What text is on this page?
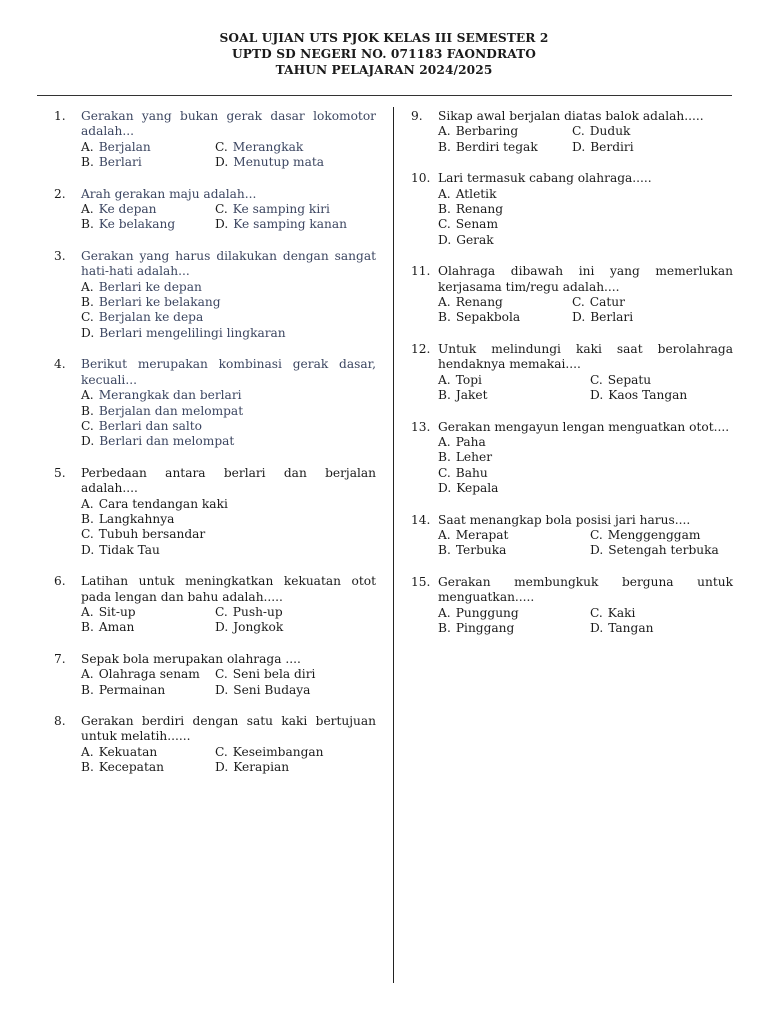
SOAL UJIAN UTS PJOK KELAS III SEMESTER 2
UPTD SD NEGERI NO. 071183 FAONDRATO
TAHUN PELAJARAN 2024/2025
1. Gerakan yang bukan gerak dasar lokomotor adalah...
A. Berjalan	C. Merangkak
B. Berlari	D. Menutup mata
2. Arah gerakan maju adalah...
A. Ke depan	C. Ke samping kiri
B. Ke belakang	D. Ke samping kanan
3. Gerakan yang harus dilakukan dengan sangat hati-hati adalah...
A. Berlari ke depan
B. Berlari ke belakang
C. Berjalan ke depa
D. Berlari mengelilingi lingkaran
4. Berikut merupakan kombinasi gerak dasar, kecuali...
A. Merangkak dan berlari
B. Berjalan dan melompat
C. Berlari dan salto
D. Berlari dan melompat
5. Perbedaan antara berlari dan berjalan adalah....
A. Cara tendangan kaki
B. Langkahnya
C. Tubuh bersandar
D. Tidak Tau
6. Latihan untuk meningkatkan kekuatan otot pada lengan dan bahu adalah.....
A. Sit-up	C. Push-up
B. Aman	D. Jongkok
7. Sepak bola merupakan olahraga ....
A. Olahraga senam	C. Seni bela diri
B. Permainan	D. Seni Budaya
8. Gerakan berdiri dengan satu kaki bertujuan untuk melatih......
A. Kekuatan	C. Keseimbangan
B. Kecepatan	D. Kerapian
9. Sikap awal berjalan diatas balok adalah.....
A. Berbaring	C. Duduk
B. Berdiri tegak	D. Berdiri
10. Lari termasuk cabang olahraga.....
A. Atletik
B. Renang
C. Senam
D. Gerak
11. Olahraga dibawah ini yang memerlukan kerjasama tim/regu adalah....
A. Renang	C. Catur
B. Sepakbola	D. Berlari
12. Untuk melindungi kaki saat berolahraga hendaknya memakai....
A. Topi	C. Sepatu
B. Jaket	D. Kaos Tangan
13. Gerakan mengayun lengan menguatkan otot....
A. Paha
B. Leher
C. Bahu
D. Kepala
14. Saat menangkap bola posisi jari harus....
A. Merapat	C. Menggenggam
B. Terbuka	D. Setengah terbuka
15. Gerakan membungkuk berguna untuk menguatkan.....
A. Punggung	C. Kaki
B. Pinggang	D. Tangan
